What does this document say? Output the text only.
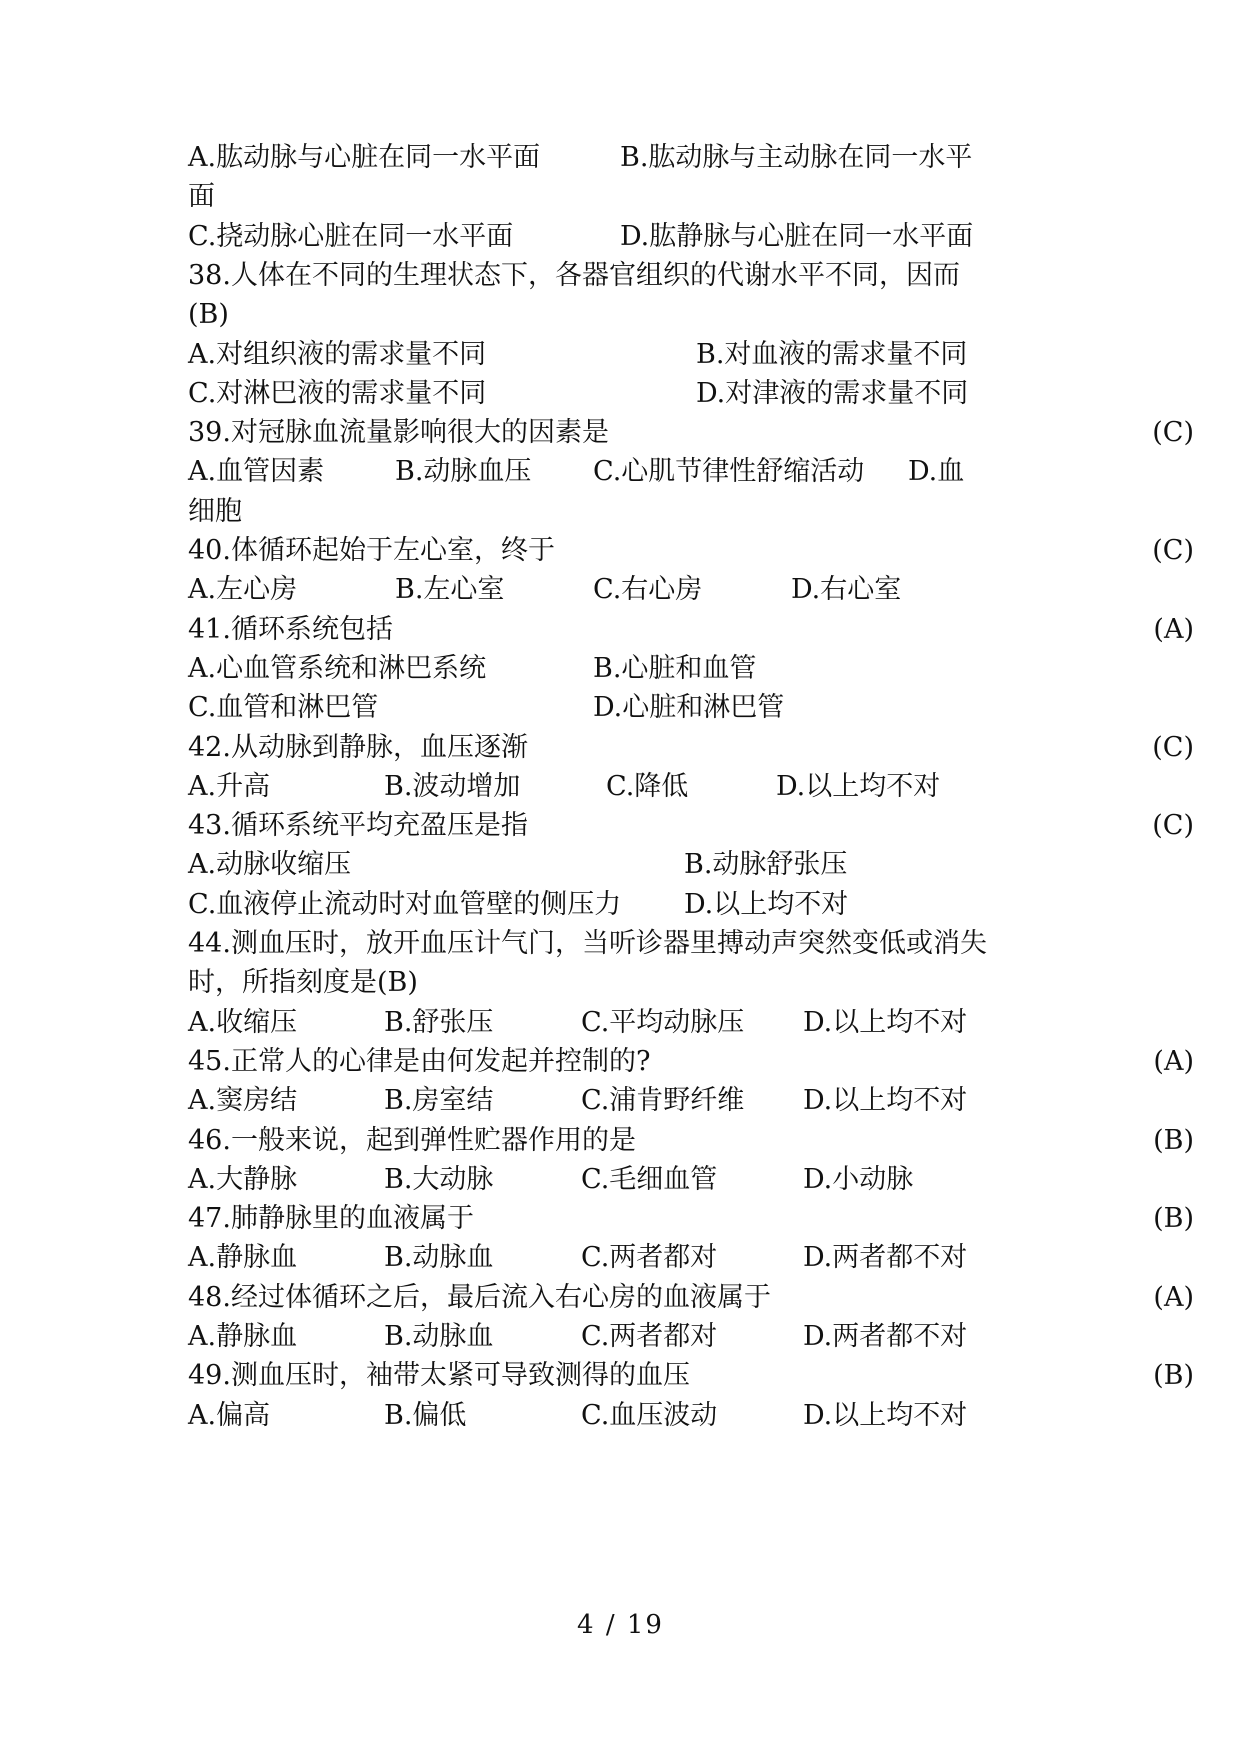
A.肱动脉与心脏在同一水平面	B.肱动脉与主动脉在同一水平
面
C.挠动脉心脏在同一水平面	D.肱静脉与心脏在同一水平面
38.人体在不同的生理状态下，各器官组织的代谢水平不同，因而
(B)
A.对组织液的需求量不同	B.对血液的需求量不同
C.对淋巴液的需求量不同	D.对津液的需求量不同
39.对冠脉血流量影响很大的因素是	(C)
A.血管因素	B.动脉血压 C.心肌节律性舒缩活动 D.血
细胞
40.体循环起始于左心室，终于	(C)
A.左心房	B.左心室	C.右心房	D.右心室
41.循环系统包括	(A)
A.心血管系统和淋巴系统	B.心脏和血管
C.血管和淋巴管	D.心脏和淋巴管
42.从动脉到静脉，血压逐渐	(C)
A.升高	B.波动增加	C.降低	D.以上均不对
43.循环系统平均充盈压是指	(C)
A.动脉收缩压	B.动脉舒张压
C.血液停止流动时对血管壁的侧压力 D.以上均不对
44.测血压时，放开血压计气门，当听诊器里搏动声突然变低或消失
时，所指刻度是(B)
A.收缩压	B.舒张压	C.平均动脉压 D.以上均不对
45.正常人的心律是由何发起并控制的?	(A)
A.窦房结	B.房室结	C.浦肯野纤维 D.以上均不对
46.一般来说，起到弹性贮器作用的是	(B)
A.大静脉	B.大动脉	C.毛细血管	D.小动脉
47.肺静脉里的血液属于	(B)
A.静脉血	B.动脉血	C.两者都对	D.两者都不对
48.经过体循环之后，最后流入右心房的血液属于	(A)
A.静脉血	B.动脉血	C.两者都对	D.两者都不对
49.测血压时，袖带太紧可导致测得的血压	(B)
A.偏高	B.偏低	C.血压波动	D.以上均不对
4 / 19
